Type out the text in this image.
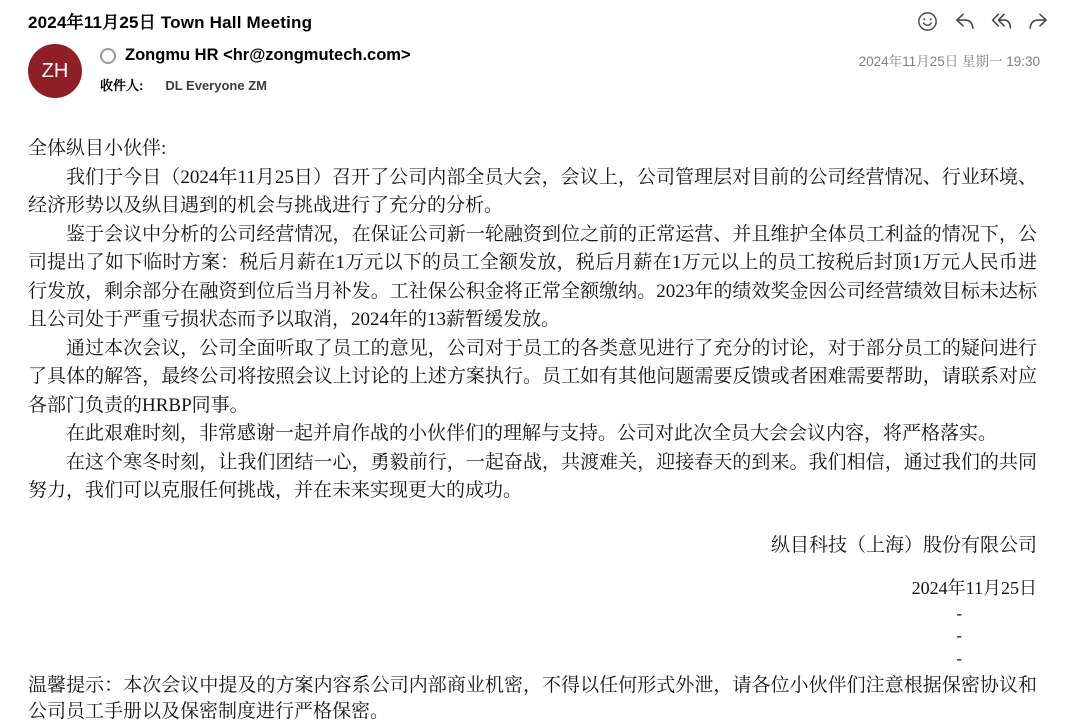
2024年11月25日 Town Hall Meeting
ZH
Zongmu HR <hr@zongmutech.com>
收件人: DL Everyone ZM
2024年11月25日 星期一 19:30

全体纵目小伙伴:

我们于今日（2024年11月25日）召开了公司内部全员大会，会议上，公司管理层对目前的公司经营情况、行业环境、经济形势以及纵目遇到的机会与挑战进行了充分的分析。

鉴于会议中分析的公司经营情况，在保证公司新一轮融资到位之前的正常运营、并且维护全体员工利益的情况下，公司提出了如下临时方案：税后月薪在1万元以下的员工全额发放，税后月薪在1万元以上的员工按税后封顶1万元人民币进行发放，剩余部分在融资到位后当月补发。工社保公积金将正常全额缴纳。2023年的绩效奖金因公司经营绩效目标未达标且公司处于严重亏损状态而予以取消，2024年的13薪暂缓发放。

通过本次会议，公司全面听取了员工的意见，公司对于员工的各类意见进行了充分的讨论，对于部分员工的疑问进行了具体的解答，最终公司将按照会议上讨论的上述方案执行。员工如有其他问题需要反馈或者困难需要帮助，请联系对应各部门负责的HRBP同事。

在此艰难时刻，非常感谢一起并肩作战的小伙伴们的理解与支持。公司对此次全员大会会议内容，将严格落实。

在这个寒冬时刻，让我们团结一心，勇毅前行，一起奋战，共渡难关，迎接春天的到来。我们相信，通过我们的共同努力，我们可以克服任何挑战，并在未来实现更大的成功。

纵目科技（上海）股份有限公司

2024年11月25日

-

-

-

温馨提示：本次会议中提及的方案内容系公司内部商业机密，不得以任何形式外泄，请各位小伙伴们注意根据保密协议和公司员工手册以及保密制度进行严格保密。
